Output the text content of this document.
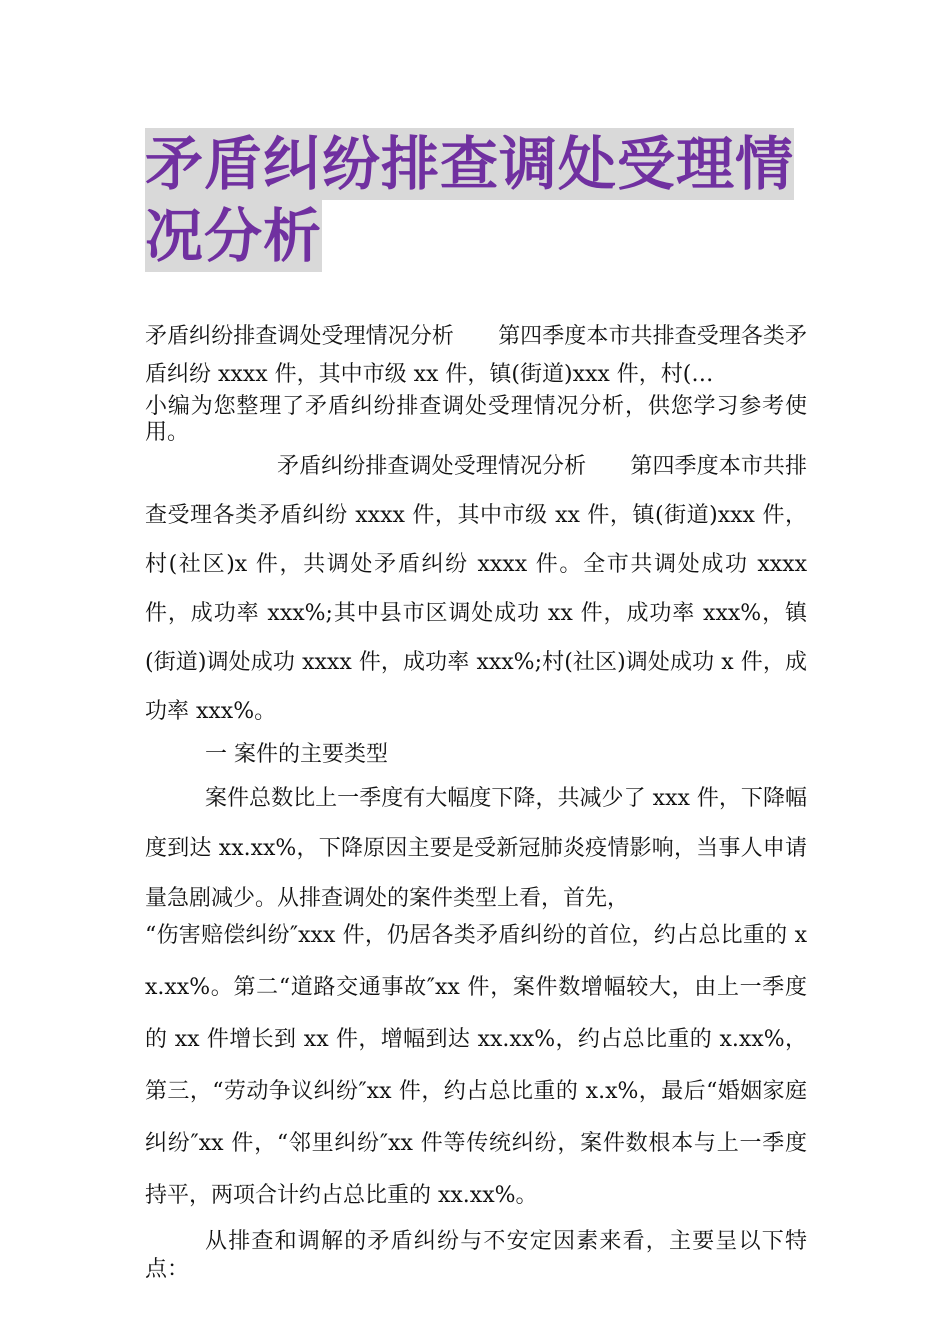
矛盾纠纷排查调处受理情
况分析

矛盾纠纷排查调处受理情况分析　　第四季度本市共排查受理各类矛盾纠纷 xxxx 件，其中市级 xx 件，镇(街道)xxx 件，村(…

小编为您整理了矛盾纠纷排查调处受理情况分析，供您学习参考使用。

矛盾纠纷排查调处受理情况分析　　第四季度本市共排查受理各类矛盾纠纷 xxxx 件，其中市级 xx 件，镇(街道)xxx 件，村(社区)x 件，共调处矛盾纠纷 xxxx 件。全市共调处成功 xxxx 件，成功率 xxx%;其中县市区调处成功 xx 件，成功率 xxx%，镇(街道)调处成功 xxxx 件，成功率 xxx%;村(社区)调处成功 x 件，成功率 xxx%。

一 案件的主要类型

案件总数比上一季度有大幅度下降，共减少了 xxx 件，下降幅度到达 xx.xx%，下降原因主要是受新冠肺炎疫情影响，当事人申请量急剧减少。从排查调处的案件类型上看，首先，

“伤害赔偿纠纷″xxx 件，仍居各类矛盾纠纷的首位，约占总比重的 xx.xx%。第二“道路交通事故″xx 件，案件数增幅较大，由上一季度的 xx 件增长到 xx 件，增幅到达 xx.xx%，约占总比重的 x.xx%，第三，“劳动争议纠纷″xx 件，约占总比重的 x.x%，最后“婚姻家庭纠纷″xx 件，“邻里纠纷″xx 件等传统纠纷，案件数根本与上一季度持平，两项合计约占总比重的 xx.xx%。

从排查和调解的矛盾纠纷与不安定因素来看，主要呈以下特点：
